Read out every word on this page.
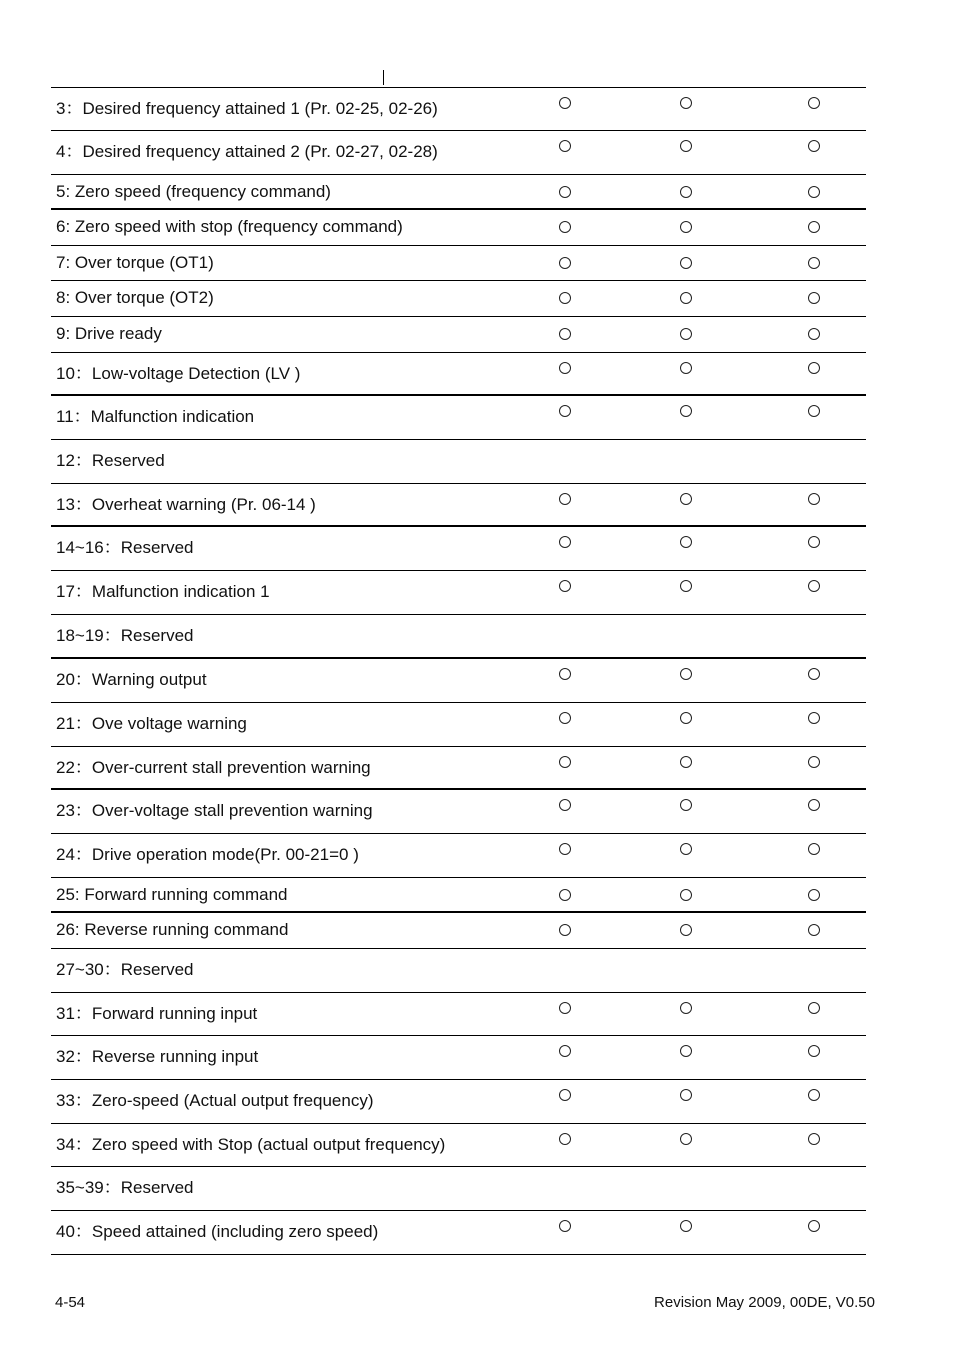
3：Desired frequency attained 1 (Pr. 02-25, 02-26)
4：Desired frequency attained 2 (Pr. 02-27, 02-28)
5: Zero speed (frequency command)
6: Zero speed with stop (frequency command)
7: Over torque (OT1)
8: Over torque (OT2)
9: Drive ready
10：Low-voltage Detection (LV )
11：Malfunction indication
12：Reserved
13：Overheat warning (Pr. 06-14 )
14~16：Reserved
17：Malfunction indication 1
18~19：Reserved
20：Warning output
21：Ove voltage warning
22：Over-current stall prevention warning
23：Over-voltage stall prevention warning
24：Drive operation mode(Pr. 00-21=0 )
25: Forward running command
26: Reverse running command
27~30：Reserved
31：Forward running input
32：Reverse running input
33：Zero-speed (Actual output frequency)
34：Zero speed with Stop (actual output frequency)
35~39：Reserved
40：Speed attained (including zero speed)
4-54	Revision May 2009, 00DE, V0.50
